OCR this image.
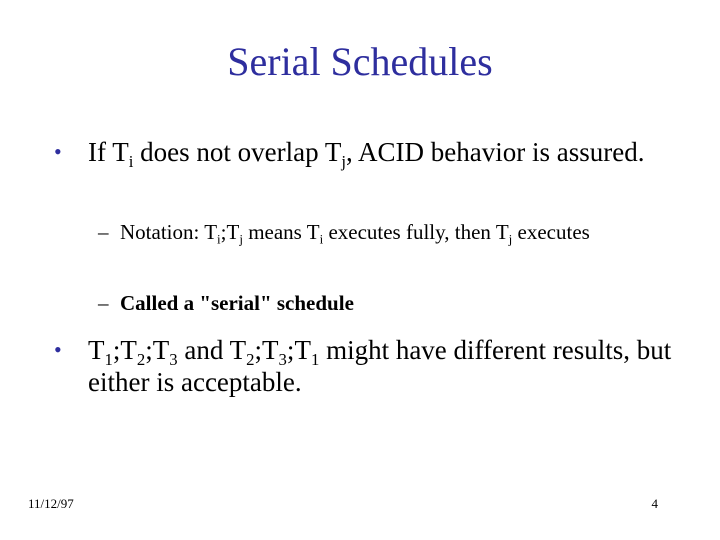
Serial Schedules
• If $T_i$ does not overlap $T_j$, ACID behavior is assured.
– Notation: $T_i;T_j$ means $T_i$ executes fully, then $T_j$ executes
– Called a "serial" schedule
• $T_1;T_2;T_3$ and $T_2;T_3;T_1$ might have different results, but either is acceptable.
11/12/97	4
